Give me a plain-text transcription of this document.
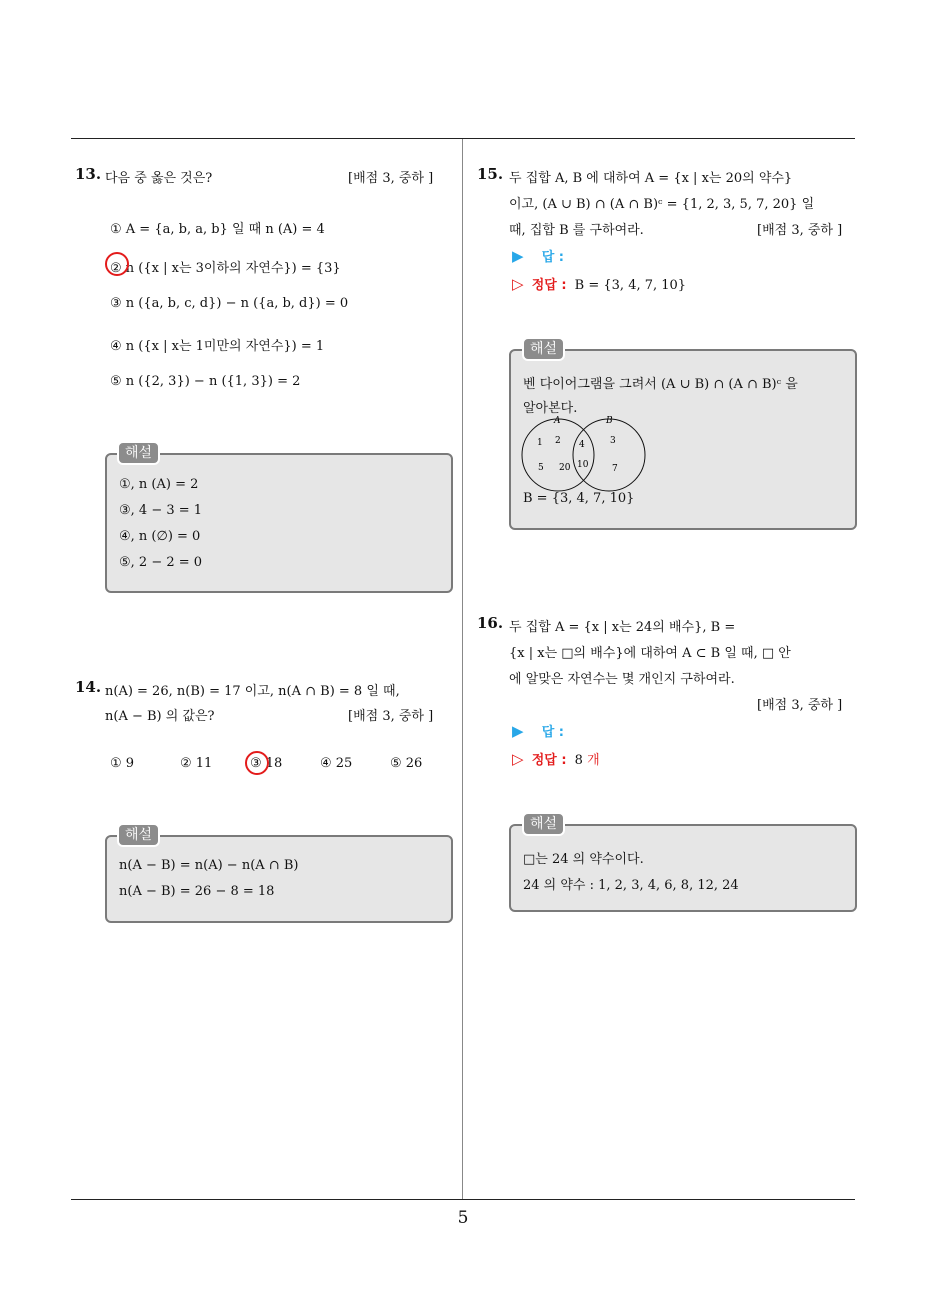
5
13. 다음 중 옳은 것은?	[배점 3, 중하 ]
① A = {a, b, a, b} 일 때 n (A) = 4
② n ({x | x는 3이하의 자연수}) = {3}
③ n ({a, b, c, d}) − n ({a, b, d}) = 0
④ n ({x | x는 1미만의 자연수}) = 1
⑤ n ({2, 3}) − n ({1, 3}) = 2
①, n (A) = 2
③, 4 − 3 = 1
④, n (∅) = 0
⑤, 2 − 2 = 0
해설
14. n(A) = 26, n(B) = 17 이고, n(A ∩ B) = 8 일 때,
n(A − B) 의 값은?	[배점 3, 중하 ]
① 9	② 11	③ 18	④ 25	⑤ 26
n(A − B) = n(A) − n(A ∩ B)
n(A − B) = 26 − 8 = 18
해설
15. 두 집합 A, B 에 대하여 A = {x | x는 20의 약수}
이고, (A ∪ B) ∩ (A ∩ B)ᶜ = {1, 2, 3, 5, 7, 20} 일
때, 집합 B 를 구하여라.	[배점 3, 중하 ]
▶ 답 :
▷ 정답 : B = {3, 4, 7, 10}
벤 다이어그램을 그려서 (A ∪ B) ∩ (A ∩ B)ᶜ 을
알아본다.
A	B
1 2
5 20
4
10
3
7
B = {3, 4, 7, 10}
해설
16. 두 집합 A = {x | x는 24의 배수}, B =
{x | x는 □의 배수}에 대하여 A ⊂ B 일 때, □ 안
에 알맞은 자연수는 몇 개인지 구하여라.
[배점 3, 중하 ]
▶ 답 :
▷ 정답 : 8 개
□는 24 의 약수이다.
24 의 약수 : 1, 2, 3, 4, 6, 8, 12, 24
해설
